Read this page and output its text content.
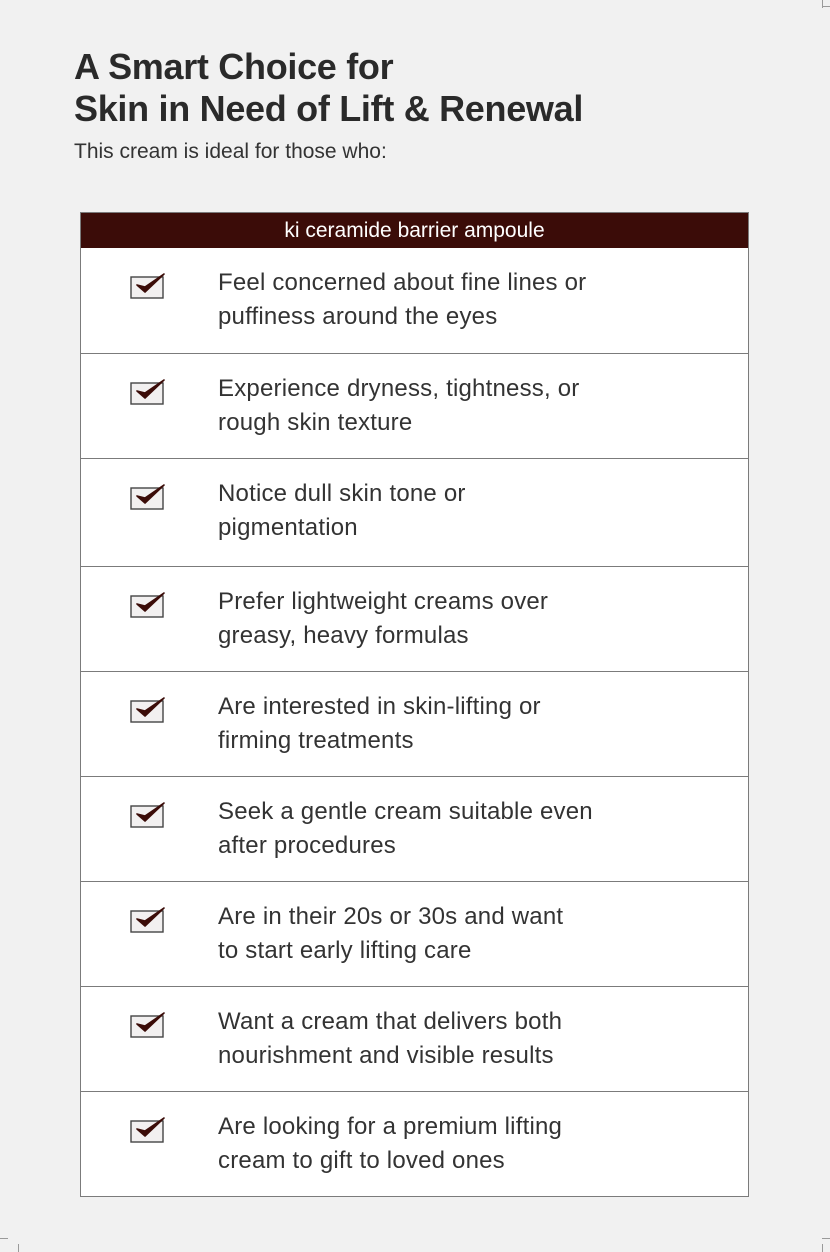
A Smart Choice for
Skin in Need of Lift & Renewal

This cream is ideal for those who:

ki ceramide barrier ampoule

Feel concerned about fine lines or
puffiness around the eyes

Experience dryness, tightness, or
rough skin texture

Notice dull skin tone or
pigmentation

Prefer lightweight creams over
greasy, heavy formulas

Are interested in skin-lifting or
firming treatments

Seek a gentle cream suitable even
after procedures

Are in their 20s or 30s and want
to start early lifting care

Want a cream that delivers both
nourishment and visible results

Are looking for a premium lifting
cream to gift to loved ones
